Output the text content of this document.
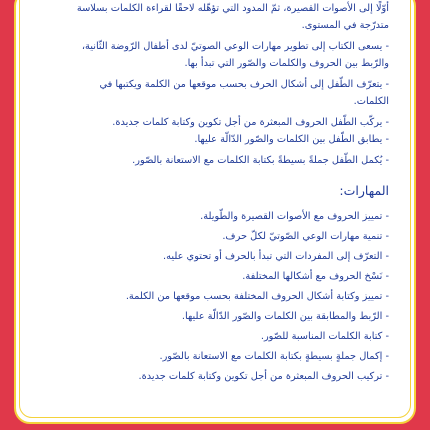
أوّلًا إلى الأصوات القصيرة، ثمّ المدود التي تؤهّله لاحقًا لقراءة الكلمات بسلاسة

متدرّجة في المستوى.

- يسعى الكتاب إلى تطوير مهارات الوعي الصوتيّ لدى أطفال الرّوضة الثّانية،

والرّبط بين الحروف والكلمات والصّور التي تبدأ بها.

- يتعرّف الطّفل إلى أشكال الحرف بحسب موقعها من الكلمة ويكتبها في

الكلمات.

- يركّب الطّفل الحروف المبعثرة من أجل تكوين وكتابة كلمات جديدة.

- يطابق الطّفل بين الكلمات والصّور الدّالّة عليها.

- يُكمل الطّفل جملةً بسيطةً بكتابة الكلمات مع الاستعانة بالصّور.

المهارات:
- تمييز الحروف مع الأصوات القصيرة والطّويلة.
- تنمية مهارات الوعي الصّوتيّ لكلّ حرف.
- التعرّف إلى المفردات التي تبدأ بالحرف أو تحتوي عليه.
- نَسْخ الحروف مع أشكالها المختلفة.
- تمييز وكتابة أشكال الحروف المختلفة بحسب موقعها من الكلمة.
- الرّبط والمطابقة بين الكلمات والصّور الدّالّة عليها.
- كتابة الكلمات المناسبة للصّور.
- إكمال جملةٍ بسيطةٍ بكتابة الكلمات مع الاستعانة بالصّور.
- تركيب الحروف المبعثرة من أجل تكوين وكتابة كلمات جديدة.
